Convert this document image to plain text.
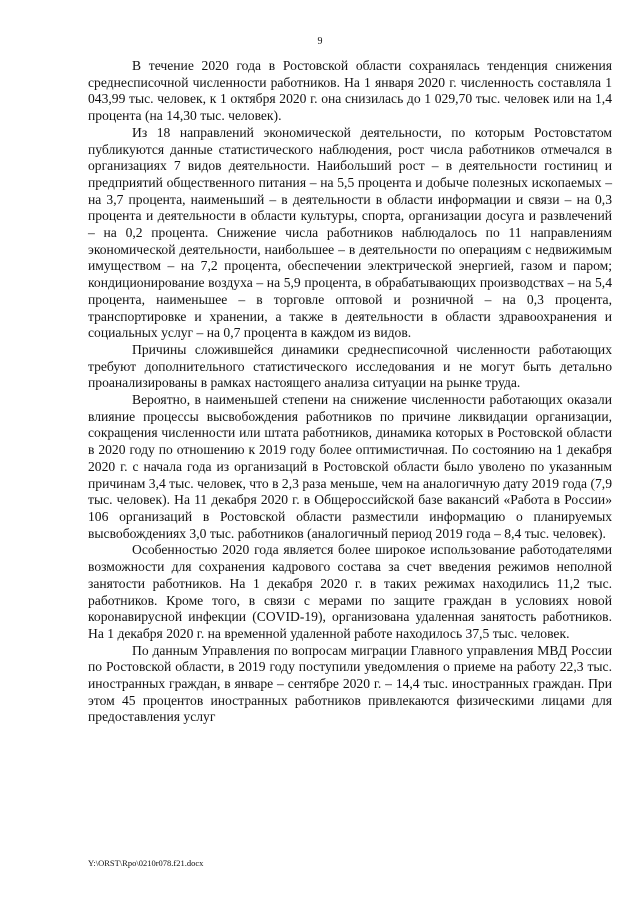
9

В течение 2020 года в Ростовской области сохранялась тенденция снижения среднесписочной численности работников. На 1 января 2020 г. численность составляла 1 043,99 тыс. человек, к 1 октября 2020 г. она снизилась до 1 029,70 тыс. человек или на 1,4 процента (на 14,30 тыс. человек).

Из 18 направлений экономической деятельности, по которым Ростовстатом публикуются данные статистического наблюдения, рост числа работников отмечался в организациях 7 видов деятельности. Наибольший рост – в деятельности гостиниц и предприятий общественного питания – на 5,5 процента и добыче полезных ископаемых – на 3,7 процента, наименьший – в деятельности в области информации и связи – на 0,3 процента и деятельности в области культуры, спорта, организации досуга и развлечений – на 0,2 процента. Снижение числа работников наблюдалось по 11 направлениям экономической деятельности, наибольшее – в деятельности по операциям с недвижимым имуществом – на 7,2 процента, обеспечении электрической энергией, газом и паром; кондиционирование воздуха – на 5,9 процента, в обрабатывающих производствах – на 5,4 процента, наименьшее – в торговле оптовой и розничной – на 0,3 процента, транспортировке и хранении, а также в деятельности в области здравоохранения и социальных услуг – на 0,7 процента в каждом из видов.

Причины сложившейся динамики среднесписочной численности работающих требуют дополнительного статистического исследования и не могут быть детально проанализированы в рамках настоящего анализа ситуации на рынке труда.

Вероятно, в наименьшей степени на снижение численности работающих оказали влияние процессы высвобождения работников по причине ликвидации организации, сокращения численности или штата работников, динамика которых в Ростовской области в 2020 году по отношению к 2019 году более оптимистичная. По состоянию на 1 декабря 2020 г. с начала года из организаций в Ростовской области было уволено по указанным причинам 3,4 тыс. человек, что в 2,3 раза меньше, чем на аналогичную дату 2019 года (7,9 тыс. человек). На 11 декабря 2020 г. в Общероссийской базе вакансий «Работа в России» 106 организаций в Ростовской области разместили информацию о планируемых высвобождениях 3,0 тыс. работников (аналогичный период 2019 года – 8,4 тыс. человек).

Особенностью 2020 года является более широкое использование работодателями возможности для сохранения кадрового состава за счет введения режимов неполной занятости работников. На 1 декабря 2020 г. в таких режимах находились 11,2 тыс. работников. Кроме того, в связи с мерами по защите граждан в условиях новой коронавирусной инфекции (COVID-19), организована удаленная занятость работников. На 1 декабря 2020 г. на временной удаленной работе находилось 37,5 тыс. человек.

По данным Управления по вопросам миграции Главного управления МВД России по Ростовской области, в 2019 году поступили уведомления о приеме на работу 22,3 тыс. иностранных граждан, в январе – сентябре 2020 г. – 14,4 тыс. иностранных граждан. При этом 45 процентов иностранных работников привлекаются физическими лицами для предоставления услуг

Y:\ORST\Rpo\0210r078.f21.docx
